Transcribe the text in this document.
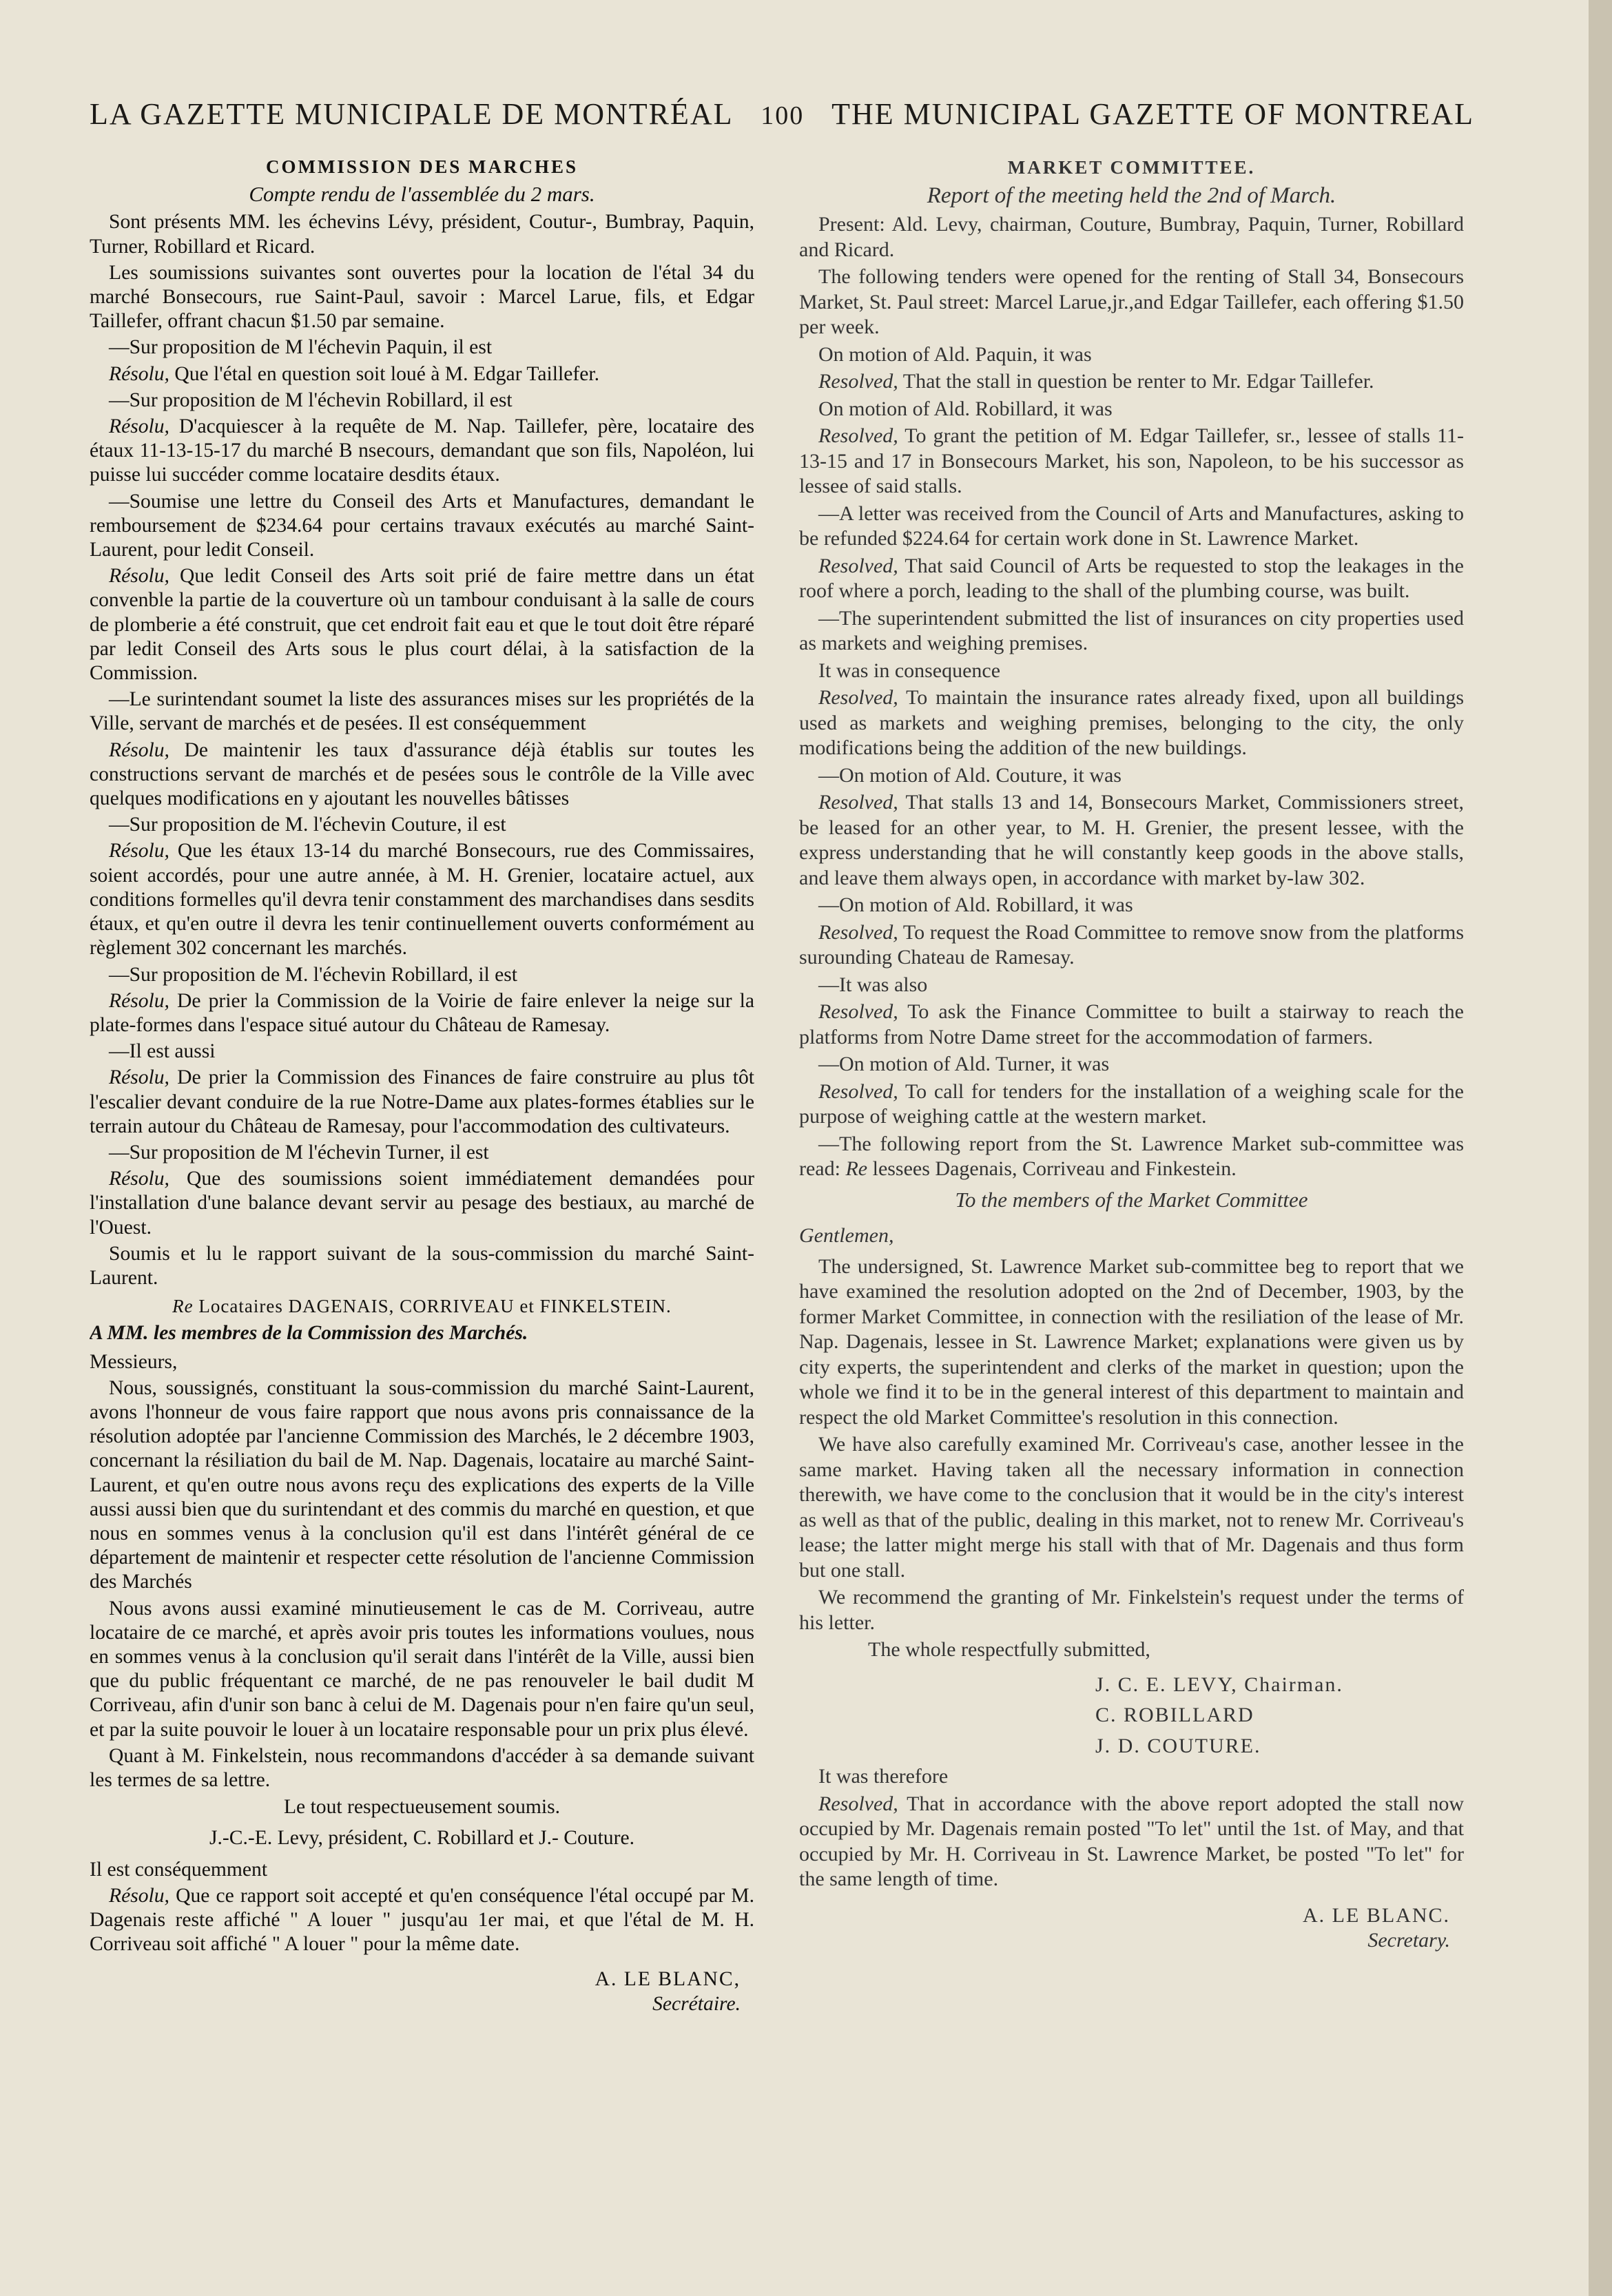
LA GAZETTE MUNICIPALE DE MONTRÉAL 100 THE MUNICIPAL GAZETTE OF MONTREAL
COMMISSION DES MARCHES
Compte rendu de l'assemblée du 2 mars.

Sont présents MM. les échevins Lévy, président, Coutur-, Bumbray, Paquin, Turner, Robillard et Ricard.

Les soumissions suivantes sont ouvertes pour la location de l'étal 34 du marché Bonsecours, rue Saint-Paul, savoir : Marcel Larue, fils, et Edgar Taillefer, offrant chacun $1.50 par semaine.

—Sur proposition de M l'échevin Paquin, il est

Résolu, Que l'étal en question soit loué à M. Edgar Taillefer.

—Sur proposition de M l'échevin Robillard, il est

Résolu, D'acquiescer à la requête de M. Nap. Taillefer, père, locataire des étaux 11-13-15-17 du marché B nsecours, demandant que son fils, Napoléon, lui puisse lui succéder comme locataire desdits étaux.

—Soumise une lettre du Conseil des Arts et Manufactures, demandant le remboursement de $234.64 pour certains travaux exécutés au marché Saint-Laurent, pour ledit Conseil.

Résolu, Que ledit Conseil des Arts soit prié de faire mettre dans un état convenble la partie de la couverture où un tambour conduisant à la salle de cours de plomberie a été construit, que cet endroit fait eau et que le tout doit être réparé par ledit Conseil des Arts sous le plus court délai, à la satisfaction de la Commission.

—Le surintendant soumet la liste des assurances mises sur les propriétés de la Ville, servant de marchés et de pesées. Il est conséquemment

Résolu, De maintenir les taux d'assurance déjà établis sur toutes les constructions servant de marchés et de pesées sous le contrôle de la Ville avec quelques modifications en y ajoutant les nouvelles bâtisses

—Sur proposition de M. l'échevin Couture, il est

Résolu, Que les étaux 13-14 du marché Bonsecours, rue des Commissaires, soient accordés, pour une autre année, à M. H. Grenier, locataire actuel, aux conditions formelles qu'il devra tenir constamment des marchandises dans sesdits étaux, et qu'en outre il devra les tenir continuellement ouverts conformément au règlement 302 concernant les marchés.

—Sur proposition de M. l'échevin Robillard, il est

Résolu, De prier la Commission de la Voirie de faire enlever la neige sur la plate-formes dans l'espace situé autour du Château de Ramesay.

—Il est aussi

Résolu, De prier la Commission des Finances de faire construire au plus tôt l'escalier devant conduire de la rue Notre-Dame aux plates-formes établies sur le terrain autour du Château de Ramesay, pour l'accommodation des cultivateurs.

—Sur proposition de M l'échevin Turner, il est

Résolu, Que des soumissions soient immédiatement demandées pour l'installation d'une balance devant servir au pesage des bestiaux, au marché de l'Ouest.

Soumis et lu le rapport suivant de la sous-commission du marché Saint-Laurent.

Re Locataires DAGENAIS, CORRIVEAU et FINKELSTEIN.

A MM. les membres de la Commission des Marchés.

Messieurs,

Nous, soussignés, constituant la sous-commission du marché Saint-Laurent, avons l'honneur de vous faire rapport que nous avons pris connaissance de la résolution adoptée par l'ancienne Commission des Marchés, le 2 décembre 1903, concernant la résiliation du bail de M. Nap. Dagenais, locataire au marché Saint-Laurent, et qu'en outre nous avons reçu des explications des experts de la Ville aussi aussi bien que du surintendant et des commis du marché en question, et que nous en sommes venus à la conclusion qu'il est dans l'intérêt général de ce département de maintenir et respecter cette résolution de l'ancienne Commission des Marchés

Nous avons aussi examiné minutieusement le cas de M. Corriveau, autre locataire de ce marché, et après avoir pris toutes les informations voulues, nous en sommes venus à la conclusion qu'il serait dans l'intérêt de la Ville, aussi bien que du public fréquentant ce marché, de ne pas renouveler le bail dudit M Corriveau, afin d'unir son banc à celui de M. Dagenais pour n'en faire qu'un seul, et par la suite pouvoir le louer à un locataire responsable pour un prix plus élevé.

Quant à M. Finkelstein, nous recommandons d'accéder à sa demande suivant les termes de sa lettre.

Le tout respectueusement soumis.
J.-C.-E. Levy, président, C. Robillard et J.- Couture.

Il est conséquemment

Résolu, Que ce rapport soit accepté et qu'en conséquence l'étal occupé par M. Dagenais reste affiché " A louer " jusqu'au 1er mai, et que l'étal de M. H. Corriveau soit affiché " A louer " pour la même date.

A. LE BLANC,
Secrétaire.
MARKET COMMITTEE.
Report of the meeting held the 2nd of March.

Present: Ald. Levy, chairman, Couture, Bumbray, Paquin, Turner, Robillard and Ricard.

The following tenders were opened for the renting of Stall 34, Bonsecours Market, St. Paul street: Marcel Larue,jr.,and Edgar Taillefer, each offering $1.50 per week.

On motion of Ald. Paquin, it was

Resolved, That the stall in question be renter to Mr. Edgar Taillefer.

On motion of Ald. Robillard, it was

Resolved, To grant the petition of M. Edgar Taillefer, sr., lessee of stalls 11-13-15 and 17 in Bonsecours Market, his son, Napoleon, to be his successor as lessee of said stalls.

—A letter was received from the Council of Arts and Manufactures, asking to be refunded $224.64 for certain work done in St. Lawrence Market.

Resolved, That said Council of Arts be requested to stop the leakages in the roof where a porch, leading to the shall of the plumbing course, was built.

—The superintendent submitted the list of insurances on city properties used as markets and weighing premises.

It was in consequence

Resolved, To maintain the insurance rates already fixed, upon all buildings used as markets and weighing premises, belonging to the city, the only modifications being the addition of the new buildings.

—On motion of Ald. Couture, it was

Resolved, That stalls 13 and 14, Bonsecours Market, Commissioners street, be leased for an other year, to M. H. Grenier, the present lessee, with the express understanding that he will constantly keep goods in the above stalls, and leave them always open, in accordance with market by-law 302.

—On motion of Ald. Robillard, it was

Resolved, To request the Road Committee to remove snow from the platforms surounding Chateau de Ramesay.

—It was also

Resolved, To ask the Finance Committee to built a stairway to reach the platforms from Notre Dame street for the accommodation of farmers.

—On motion of Ald. Turner, it was

Resolved, To call for tenders for the installation of a weighing scale for the purpose of weighing cattle at the western market.

—The following report from the St. Lawrence Market sub-committee was read: Re lessees Dagenais, Corriveau and Finkestein.

To the members of the Market Committee

Gentlemen,

The undersigned, St. Lawrence Market sub-committee beg to report that we have examined the resolution adopted on the 2nd of December, 1903, by the former Market Committee, in connection with the resiliation of the lease of Mr. Nap. Dagenais, lessee in St. Lawrence Market; explanations were given us by city experts, the superintendent and clerks of the market in question; upon the whole we find it to be in the general interest of this department to maintain and respect the old Market Committee's resolution in this connection.

We have also carefully examined Mr. Corriveau's case, another lessee in the same market. Having taken all the necessary information in connection therewith, we have come to the conclusion that it would be in the city's interest as well as that of the public, dealing in this market, not to renew Mr. Corriveau's lease; the latter might merge his stall with that of Mr. Dagenais and thus form but one stall.

We recommend the granting of Mr. Finkelstein's request under the terms of his letter.

The whole respectfully submitted,

J. C. E. LEVY, Chairman.
C. ROBILLARD
J. D. COUTURE.

It was therefore

Resolved, That in accordance with the above report adopted the stall now occupied by Mr. Dagenais remain posted "To let" until the 1st. of May, and that occupied by Mr. H. Corriveau in St. Lawrence Market, be posted "To let" for the same length of time.

A. LE BLANC.
Secretary.
